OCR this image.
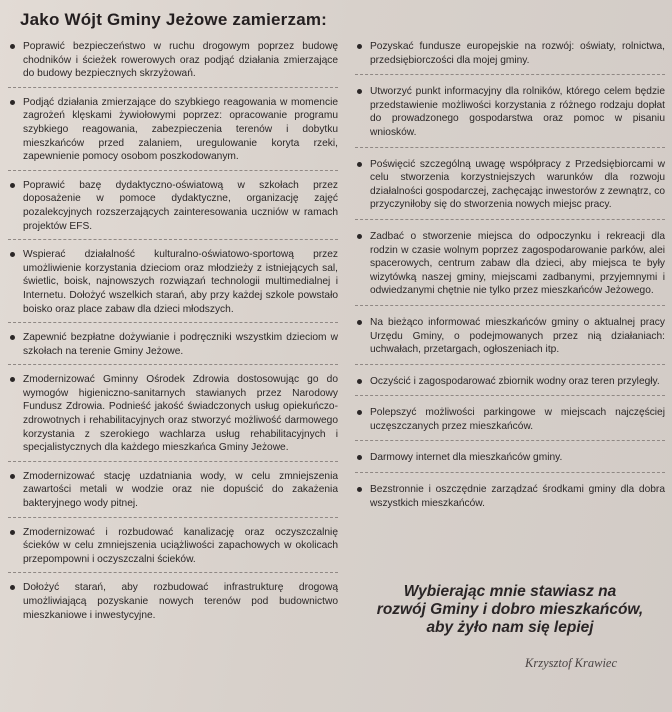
Jako Wójt Gminy Jeżowe zamierzam:
Poprawić bezpieczeństwo w ruchu drogowym poprzez budowę chodników i ścieżek rowerowych oraz podjąć działania zmierzające do budowy bezpiecznych skrzyżowań.
Podjąć działania zmierzające do szybkiego reagowania w momencie zagrożeń klęskami żywiołowymi poprzez: opracowanie programu szybkiego reagowania, zabezpieczenia terenów i dobytku mieszkańców przed zalaniem, uregulowanie koryta rzeki, zapewnienie pomocy osobom poszkodowanym.
Poprawić bazę dydaktyczno-oświatową w szkołach przez doposażenie w pomoce dydaktyczne, organizację zajęć pozalekcyjnych rozszerzających zainteresowania uczniów w ramach projektów EFS.
Wspierać działalność kulturalno-oświatowo-sportową przez umożliwienie korzystania dzieciom oraz młodzieży z istniejących sal, świetlic, boisk, najnowszych rozwiązań technologii multimedialnej i Internetu. Dołożyć wszelkich starań, aby przy każdej szkole powstało boisko oraz place zabaw dla dzieci młodszych.
Zapewnić bezpłatne dożywianie i podręczniki wszystkim dzieciom w szkołach na terenie Gminy Jeżowe.
Zmodernizować Gminny Ośrodek Zdrowia dostosowując go do wymogów higieniczno-sanitarnych stawianych przez Narodowy Fundusz Zdrowia. Podnieść jakość świadczonych usług opiekuńczo-zdrowotnych i rehabilitacyjnych oraz stworzyć możliwość darmowego korzystania z szerokiego wachlarza usług rehabilitacyjnych i specjalistycznych dla każdego mieszkańca Gminy Jeżowe.
Zmodernizować stację uzdatniania wody, w celu zmniejszenia zawartości metali w wodzie oraz nie dopuścić do zakażenia bakteryjnego wody pitnej.
Zmodernizować i rozbudować kanalizację oraz oczyszczalnię ścieków w celu zmniejszenia uciążliwości zapachowych w okolicach przepompowni i oczyszczalni ścieków.
Dołożyć starań, aby rozbudować infrastrukturę drogową umożliwiającą pozyskanie nowych terenów pod budownictwo mieszkaniowe i inwestycyjne.
Pozyskać fundusze europejskie na rozwój: oświaty, rolnictwa, przedsiębiorczości dla mojej gminy.
Utworzyć punkt informacyjny dla rolników, którego celem będzie przedstawienie możliwości korzystania z różnego rodzaju dopłat do prowadzonego gospodarstwa oraz pomoc w pisaniu wniosków.
Poświęcić szczególną uwagę współpracy z Przedsiębiorcami w celu stworzenia korzystniejszych warunków dla rozwoju działalności gospodarczej, zachęcając inwestorów z zewnątrz, co przyczyniłoby się do stworzenia nowych miejsc pracy.
Zadbać o stworzenie miejsca do odpoczynku i rekreacji dla rodzin w czasie wolnym poprzez zagospodarowanie parków, alei spacerowych, centrum zabaw dla dzieci, aby miejsca te były wizytówką naszej gminy, miejscami zadbanymi, przyjemnymi i odwiedzanymi chętnie nie tylko przez mieszkańców Jeżowego.
Na bieżąco informować mieszkańców gminy o aktualnej pracy Urzędu Gminy, o podejmowanych przez nią działaniach: uchwałach, przetargach, ogłoszeniach itp.
Oczyścić i zagospodarować zbiornik wodny oraz teren przyległy.
Polepszyć możliwości parkingowe w miejscach najczęściej uczęszczanych przez mieszkańców.
Darmowy internet dla mieszkańców gminy.
Bezstronnie i oszczędnie zarządzać środkami gminy dla dobra wszystkich mieszkańców.
Wybierając mnie stawiasz na
rozwój Gminy i dobro mieszkańców,
aby żyło nam się lepiej
Krzysztof Krawiec
